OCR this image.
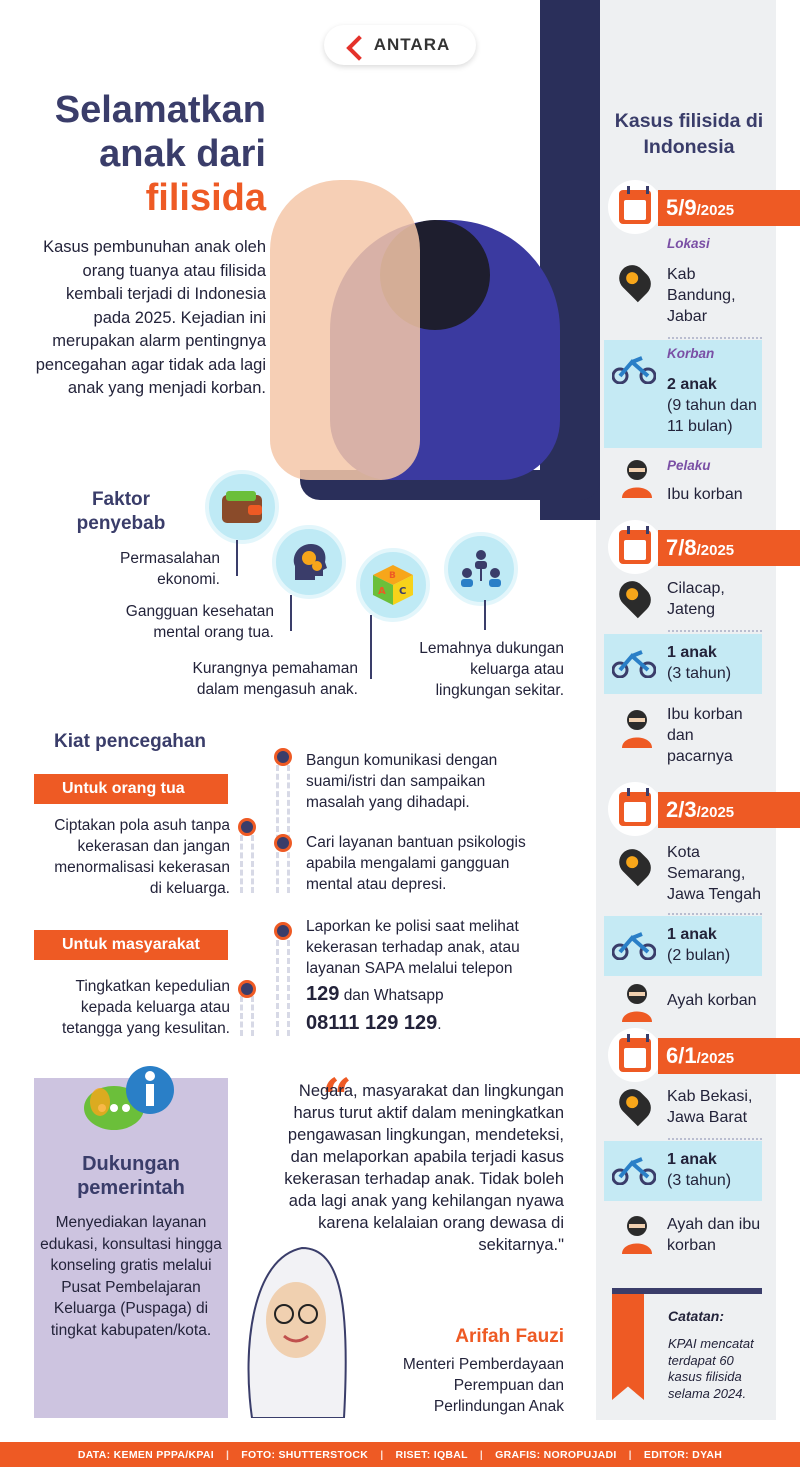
ANTARA
Selamatkan
anak dari
filisida
Kasus pembunuhan anak oleh orang tuanya atau filisida kembali terjadi di Indonesia pada 2025. Kejadian ini merupakan alarm pentingnya pencegahan agar tidak ada lagi anak yang menjadi korban.
Faktor penyebab
B
A C
Permasalahan ekonomi.
Gangguan kesehatan mental orang tua.
Kurangnya pemahaman dalam mengasuh anak.
Lemahnya dukungan keluarga atau lingkungan sekitar.
Kiat pencegahan
Untuk orang tua
Ciptakan pola asuh tanpa kekerasan dan jangan menormalisasi kekerasan di keluarga.
Bangun komunikasi dengan suami/istri dan sampaikan masalah yang dihadapi.
Cari layanan bantuan psikologis apabila mengalami gangguan mental atau depresi.
Untuk masyarakat
Tingkatkan kepedulian kepada keluarga atau tetangga yang kesulitan.
Laporkan ke polisi saat melihat kekerasan terhadap anak, atau layanan SAPA melalui telepon
129 dan Whatsapp
08111 129 129.
Dukungan pemerintah
Menyediakan layanan edukasi, konsultasi hingga konseling gratis melalui Pusat Pembelajaran Keluarga (Puspaga) di tingkat kabupaten/kota.
“
Negara, masyarakat dan lingkungan harus turut aktif dalam meningkatkan pengawasan lingkungan, mendeteksi, dan melaporkan apabila terjadi kasus kekerasan terhadap anak. Tidak boleh ada lagi anak yang kehilangan nyawa karena kelalaian orang dewasa di sekitarnya."
Arifah Fauzi
Menteri Pemberdayaan Perempuan dan Perlindungan Anak
Kasus filisida di Indonesia
5/9/2025
Lokasi
Kab Bandung, Jabar
Korban
2 anak
(9 tahun dan 11 bulan)
Pelaku
Ibu korban
7/8/2025
Cilacap, Jateng
1 anak
(3 tahun)
Ibu korban dan pacarnya
2/3/2025
Kota Semarang, Jawa Tengah
1 anak
(2 bulan)
Ayah korban
6/1/2025
Kab Bekasi, Jawa Barat
1 anak
(3 tahun)
Ayah dan ibu korban
Catatan:
KPAI mencatat terdapat 60 kasus filisida selama 2024.
DATA: KEMEN PPPA/KPAI | FOTO: SHUTTERSTOCK | RISET: IQBAL | GRAFIS: NOROPUJADI | EDITOR: DYAH
